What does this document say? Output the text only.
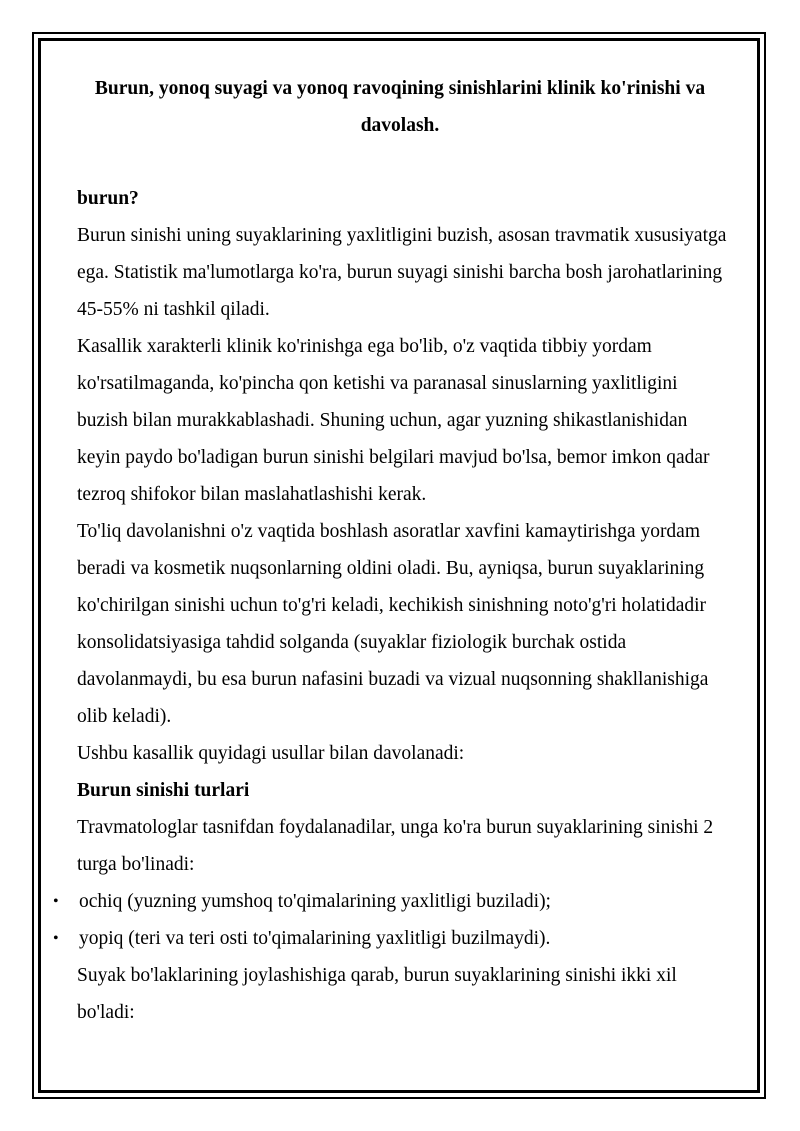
Burun, yonoq suyagi va yonoq ravoqining sinishlarini klinik ko'rinishi va davolash.

burun?

Burun sinishi uning suyaklarining yaxlitligini buzish, asosan travmatik xususiyatga ega. Statistik ma'lumotlarga ko'ra, burun suyagi sinishi barcha bosh jarohatlarining 45-55% ni tashkil qiladi.

Kasallik xarakterli klinik ko'rinishga ega bo'lib, o'z vaqtida tibbiy yordam ko'rsatilmaganda, ko'pincha qon ketishi va paranasal sinuslarning yaxlitligini buzish bilan murakkablashadi. Shuning uchun, agar yuzning shikastlanishidan keyin paydo bo'ladigan burun sinishi belgilari mavjud bo'lsa, bemor imkon qadar tezroq shifokor bilan maslahatlashishi kerak.

To'liq davolanishni o'z vaqtida boshlash asoratlar xavfini kamaytirishga yordam beradi va kosmetik nuqsonlarning oldini oladi. Bu, ayniqsa, burun suyaklarining ko'chirilgan sinishi uchun to'g'ri keladi, kechikish sinishning noto'g'ri holatidadir konsolidatsiyasiga tahdid solganda (suyaklar fiziologik burchak ostida davolanmaydi, bu esa burun nafasini buzadi va vizual nuqsonning shakllanishiga olib keladi).

Ushbu kasallik quyidagi usullar bilan davolanadi:

Burun sinishi turlari

Travmatologlar tasnifdan foydalanadilar, unga ko'ra burun suyaklarining sinishi 2 turga bo'linadi:

• ochiq (yuzning yumshoq to'qimalarining yaxlitligi buziladi);
• yopiq (teri va teri osti to'qimalarining yaxlitligi buzilmaydi).

Suyak bo'laklarining joylashishiga qarab, burun suyaklarining sinishi ikki xil bo'ladi:
